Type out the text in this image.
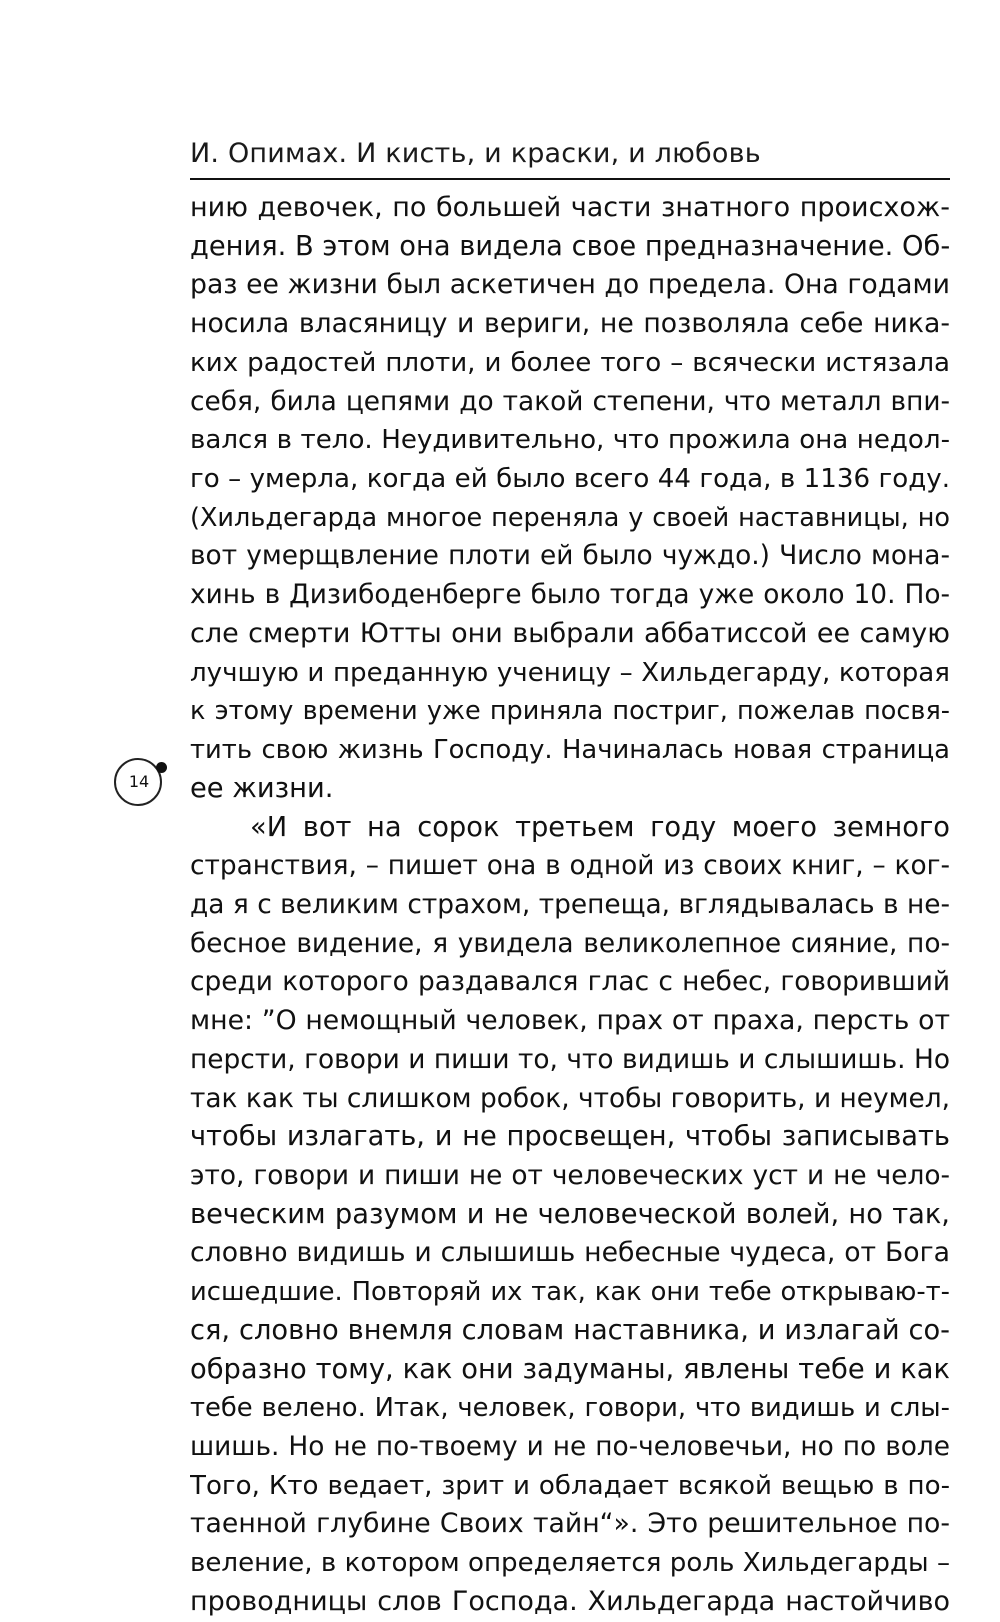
И. Опимах. И кисть, и краски, и любовь
14
нию девочек, по большей части знатного происхож-
дения. В этом она видела свое предназначение. Об-
раз ее жизни был аскетичен до предела. Она годами
носила власяницу и вериги, не позволяла себе ника-
ких радостей плоти, и более того – всячески истязала
себя, била цепями до такой степени, что металл впи-
вался в тело. Неудивительно, что прожила она недол-
го – умерла, когда ей было всего 44 года, в 1136 году.
(Хильдегарда многое переняла у своей наставницы, но
вот умерщвление плоти ей было чуждо.) Число мона-
хинь в Дизибоденберге было тогда уже около 10. По-
сле смерти Ютты они выбрали аббатиссой ее самую
лучшую и преданную ученицу – Хильдегарду, которая
к этому времени уже приняла постриг, пожелав посвя-
тить свою жизнь Господу. Начиналась новая страница
ее жизни.
«И вот на сорок третьем году моего земного
странствия, – пишет она в одной из своих книг, – ког-
да я с великим страхом, трепеща, вглядывалась в не-
бесное видение, я увидела великолепное сияние, по-
среди которого раздавался глас с небес, говоривший
мне: ”О немощный человек, прах от праха, персть от
персти, говори и пиши то, что видишь и слышишь. Но
так как ты слишком робок, чтобы говорить, и неумел,
чтобы излагать, и не просвещен, чтобы записывать
это, говори и пиши не от человеческих уст и не чело-
веческим разумом и не человеческой волей, но так,
словно видишь и слышишь небесные чудеса, от Бога
исшедшие. Повторяй их так, как они тебе открываю-т-
ся, словно внемля словам наставника, и излагай со-
образно тому, как они задуманы, явлены тебе и как
тебе велено. Итак, человек, говори, что видишь и слы-
шишь. Но не по-твоему и не по-человечьи, но по воле
Того, Кто ведает, зрит и обладает всякой вещью в по-
таенной глубине Своих тайн“». Это решительное по-
веление, в котором определяется роль Хильдегарды –
проводницы слов Господа. Хильдегарда настойчиво
